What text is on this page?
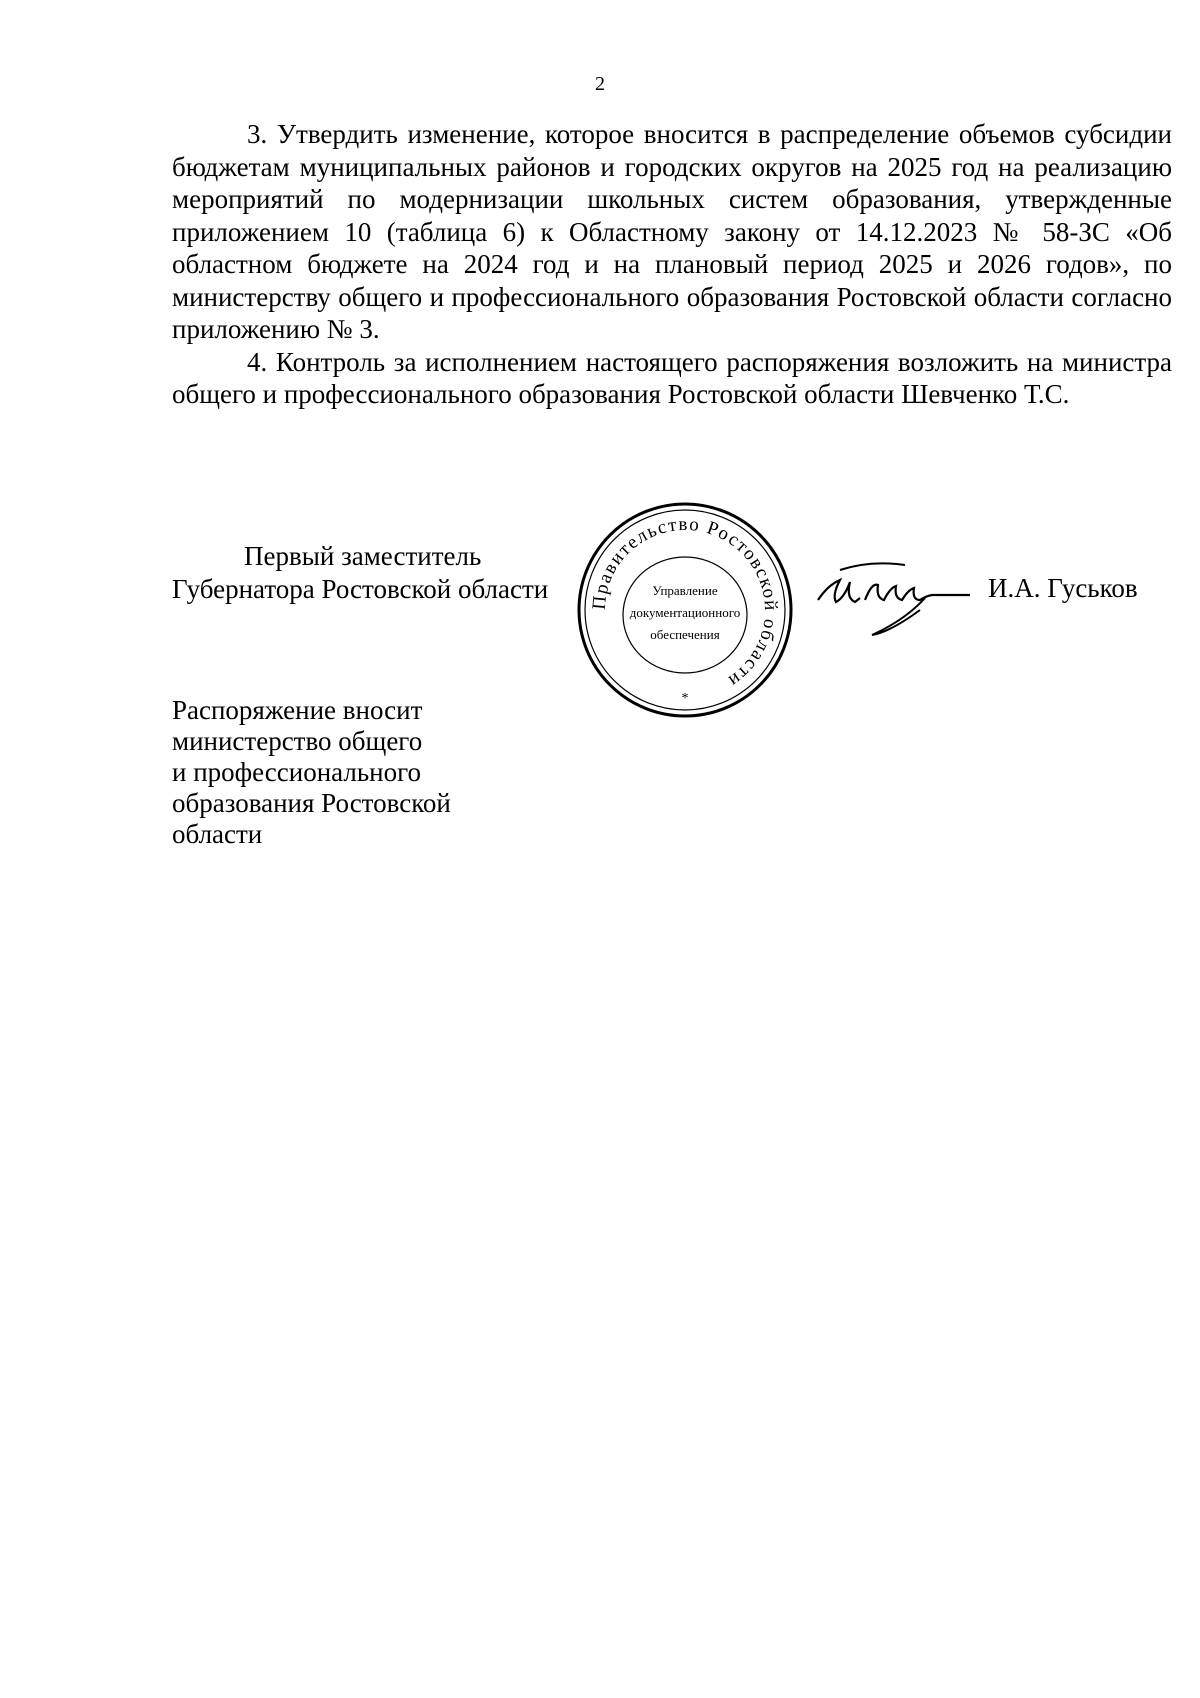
2

3. Утвердить изменение, которое вносится в распределение объемов субсидии бюджетам муниципальных районов и городских округов на 2025 год на реализацию мероприятий по модернизации школьных систем образования, утвержденные приложением 10 (таблица 6) к Областному закону от 14.12.2023 № 58-ЗС «Об областном бюджете на 2024 год и на плановый период 2025 и 2026 годов», по министерству общего и профессионального образования Ростовской области согласно приложению № 3.

4. Контроль за исполнением настоящего распоряжения возложить на министра общего и профессионального образования Ростовской области Шевченко Т.С.

Первый заместитель
Губернатора Ростовской области Правительство Ростовской области
Управление
документационного
обеспечения
*
И.А. Гуськов
Распоряжение вносит
министерство общего
и профессионального
образования Ростовской
области
